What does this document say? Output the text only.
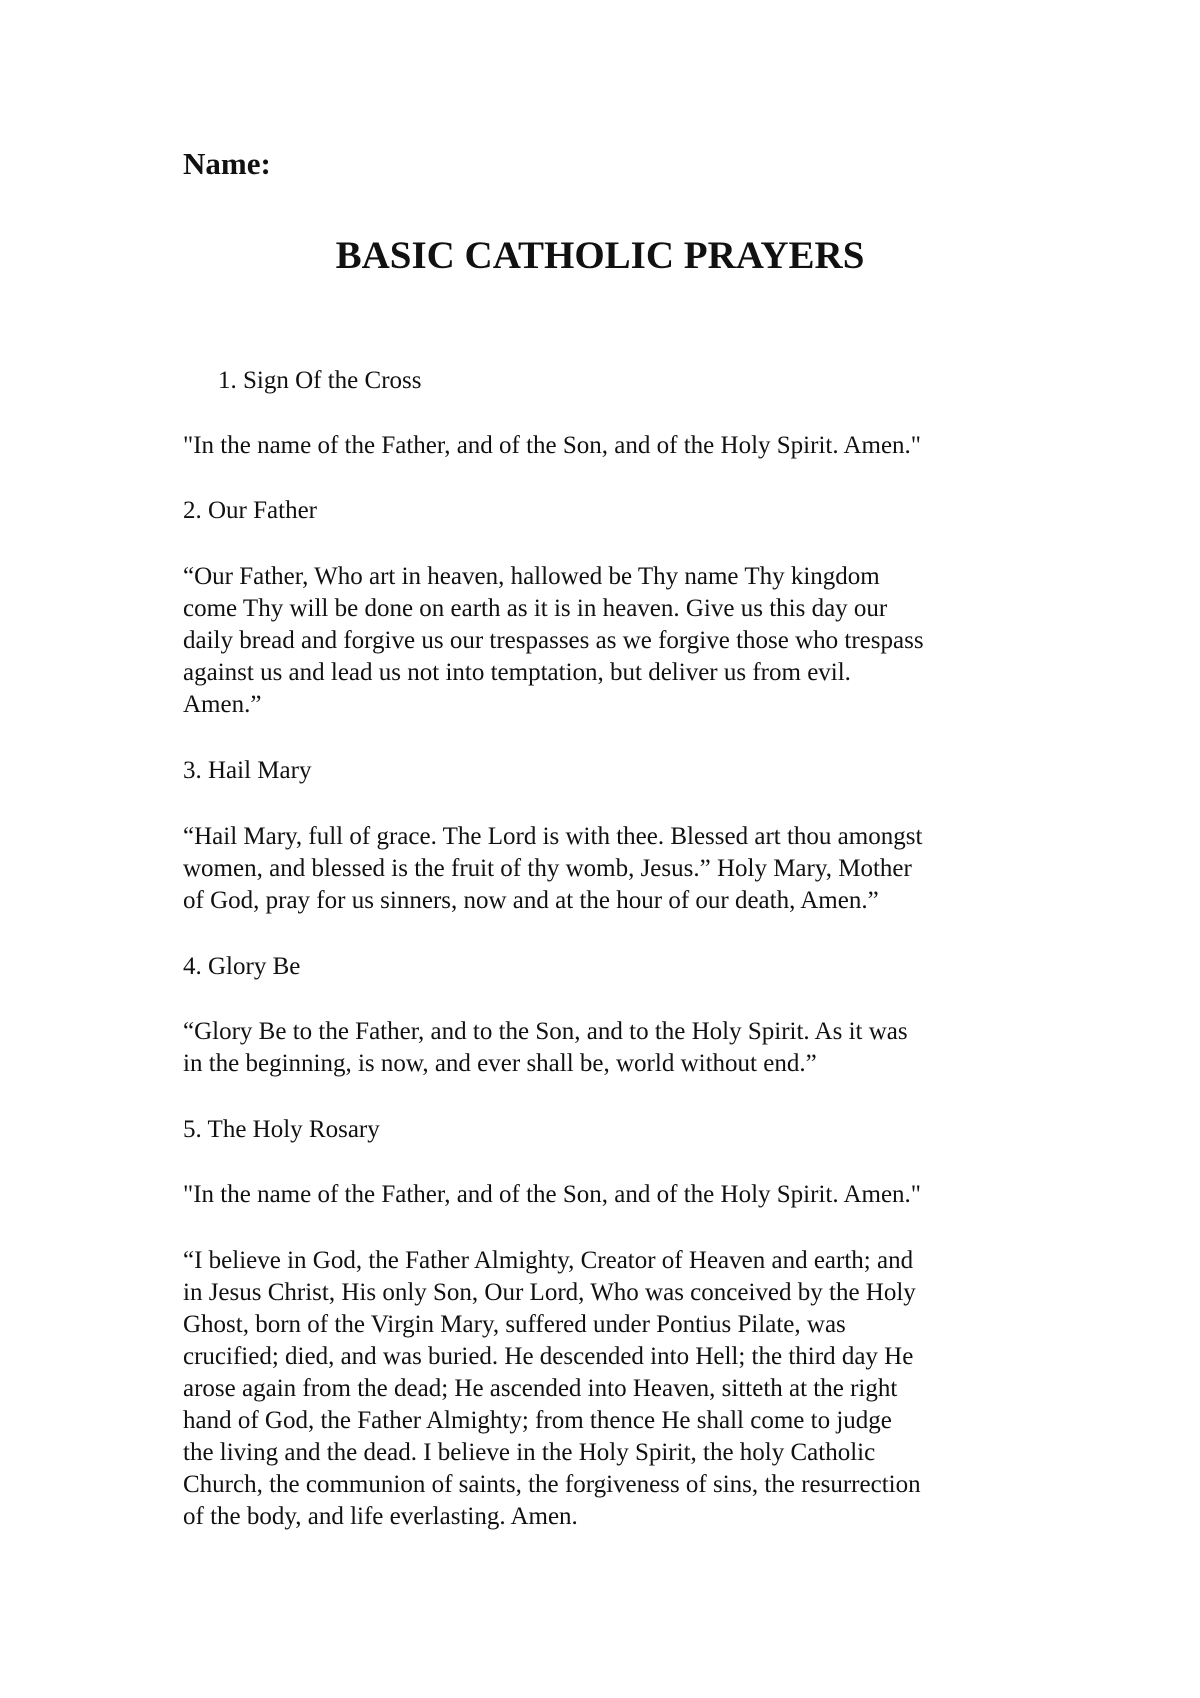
Name:
BASIC CATHOLIC PRAYERS
1. Sign Of the Cross
"In the name of the Father, and of the Son, and of the Holy Spirit. Amen."
2. Our Father
“Our Father, Who art in heaven, hallowed be Thy name Thy kingdom
come Thy will be done on earth as it is in heaven. Give us this day our
daily bread and forgive us our trespasses as we forgive those who trespass
against us and lead us not into temptation, but deliver us from evil.
Amen.”
3. Hail Mary
“Hail Mary, full of grace. The Lord is with thee. Blessed art thou amongst
women, and blessed is the fruit of thy womb, Jesus.” Holy Mary, Mother
of God, pray for us sinners, now and at the hour of our death, Amen.”
4. Glory Be
“Glory Be to the Father, and to the Son, and to the Holy Spirit. As it was
in the beginning, is now, and ever shall be, world without end.”
5. The Holy Rosary
"In the name of the Father, and of the Son, and of the Holy Spirit. Amen."
“I believe in God, the Father Almighty, Creator of Heaven and earth; and
in Jesus Christ, His only Son, Our Lord, Who was conceived by the Holy
Ghost, born of the Virgin Mary, suffered under Pontius Pilate, was
crucified; died, and was buried. He descended into Hell; the third day He
arose again from the dead; He ascended into Heaven, sitteth at the right
hand of God, the Father Almighty; from thence He shall come to judge
the living and the dead. I believe in the Holy Spirit, the holy Catholic
Church, the communion of saints, the forgiveness of sins, the resurrection
of the body, and life everlasting. Amen.
